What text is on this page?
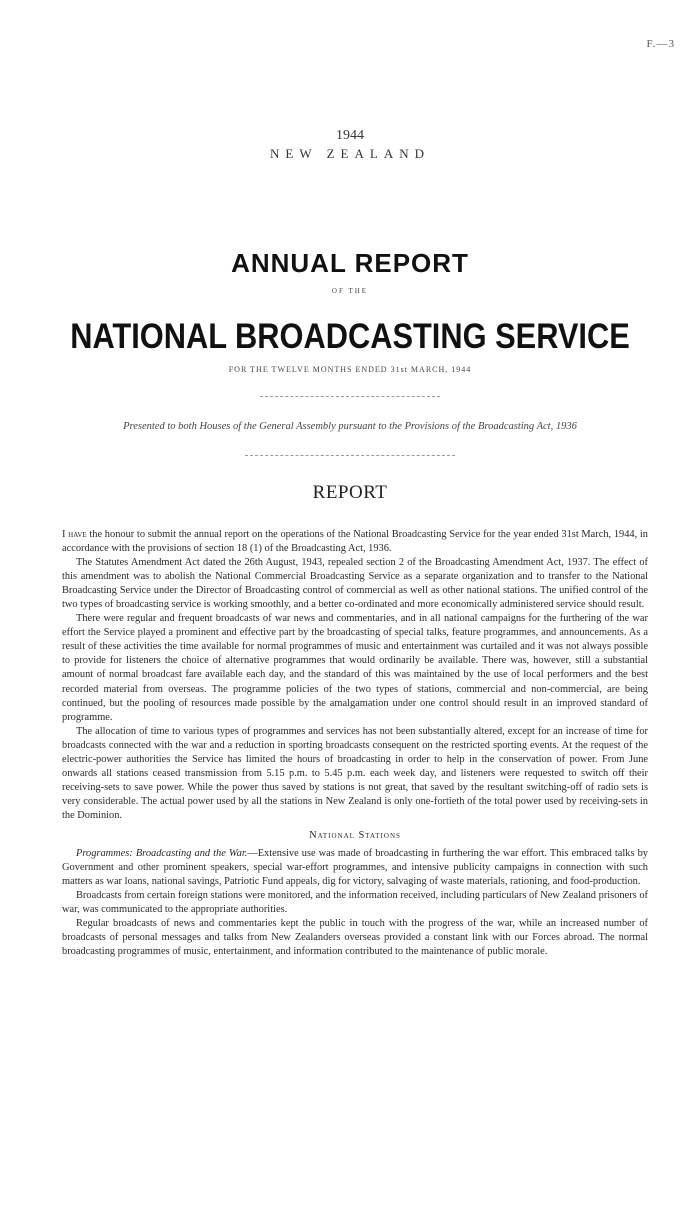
F.—3
1944
NEW ZEALAND
ANNUAL REPORT
OF THE
NATIONAL BROADCASTING SERVICE
FOR THE TWELVE MONTHS ENDED 31st MARCH, 1944
Presented to both Houses of the General Assembly pursuant to the Provisions of the Broadcasting Act, 1936
REPORT

I have the honour to submit the annual report on the operations of the National Broadcasting Service for the year ended 31st March, 1944, in accordance with the provisions of section 18 (1) of the Broadcasting Act, 1936.

The Statutes Amendment Act dated the 26th August, 1943, repealed section 2 of the Broadcasting Amendment Act, 1937. The effect of this amendment was to abolish the National Commercial Broadcasting Service as a separate organization and to transfer to the National Broadcasting Service under the Director of Broadcasting control of commercial as well as other national stations. The unified control of the two types of broadcasting service is working smoothly, and a better co-ordinated and more economically administered service should result.

There were regular and frequent broadcasts of war news and commentaries, and in all national campaigns for the furthering of the war effort the Service played a prominent and effective part by the broadcasting of special talks, feature programmes, and announcements. As a result of these activities the time available for normal programmes of music and entertainment was curtailed and it was not always possible to provide for listeners the choice of alternative programmes that would ordinarily be available. There was, however, still a substantial amount of normal broadcast fare available each day, and the standard of this was maintained by the use of local performers and the best recorded material from overseas. The programme policies of the two types of stations, commercial and non-commercial, are being continued, but the pooling of resources made possible by the amalgamation under one control should result in an improved standard of programme.

The allocation of time to various types of programmes and services has not been substantially altered, except for an increase of time for broadcasts connected with the war and a reduction in sporting broadcasts consequent on the restricted sporting events. At the request of the electric-power authorities the Service has limited the hours of broadcasting in order to help in the conservation of power. From June onwards all stations ceased transmission from 5.15 p.m. to 5.45 p.m. each week day, and listeners were requested to switch off their receiving-sets to save power. While the power thus saved by stations is not great, that saved by the resultant switching-off of radio sets is very considerable. The actual power used by all the stations in New Zealand is only one-fortieth of the total power used by receiving-sets in the Dominion.

National Stations

Programmes: Broadcasting and the War.—Extensive use was made of broadcasting in furthering the war effort. This embraced talks by Government and other prominent speakers, special war-effort programmes, and intensive publicity campaigns in connection with such matters as war loans, national savings, Patriotic Fund appeals, dig for victory, salvaging of waste materials, rationing, and food-production.

Broadcasts from certain foreign stations were monitored, and the information received, including particulars of New Zealand prisoners of war, was communicated to the appropriate authorities.

Regular broadcasts of news and commentaries kept the public in touch with the progress of the war, while an increased number of broadcasts of personal messages and talks from New Zealanders overseas provided a constant link with our Forces abroad. The normal broadcasting programmes of music, entertainment, and information contributed to the maintenance of public morale.
